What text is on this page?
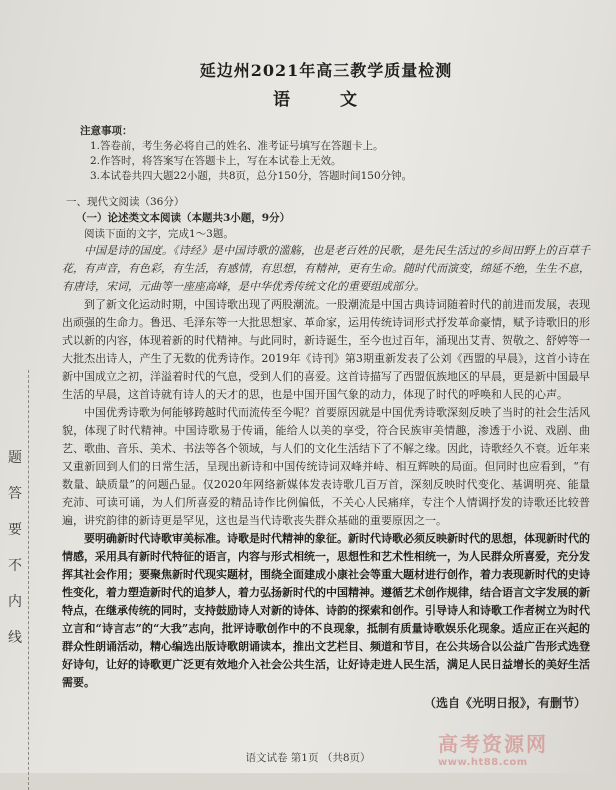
题答要不内线
延边州2021年高三教学质量检测
语 文
注意事项：
1.答卷前，考生务必将自己的姓名、准考证号填写在答题卡上。
2.作答时，将答案写在答题卡上，写在本试卷上无效。
3.本试卷共四大题22小题，共8页，总分150分，答题时间150分钟。
一、现代文阅读（36分）
（一）论述类文本阅读（本题共3小题，9分）
阅读下面的文字，完成1～3题。

中国是诗的国度。《诗经》是中国诗歌的滥觞，也是老百姓的民歌，是先民生活过的乡间田野上的百草千花，有声音，有色彩，有生活，有感情，有思想，有精神，更有生命。随时代而演变，绵延不绝，生生不息，有唐诗，宋词，元曲等一座座高峰，是中华优秀传统文化的重要组成部分。

到了新文化运动时期，中国诗歌出现了两股潮流。一股潮流是中国古典诗词随着时代的前进而发展，表现出顽强的生命力。鲁迅、毛泽东等一大批思想家、革命家，运用传统诗词形式抒发革命豪情，赋予诗歌旧的形式以新的内容，体现着新的时代精神。与此同时，新诗诞生，至今也过百年，涌现出艾青、贺敬之、舒婷等一大批杰出诗人，产生了无数的优秀诗作。2019年《诗刊》第3期重新发表了公刘《西盟的早晨》，这首小诗在新中国成立之初，洋溢着时代的气息，受到人们的喜爱。这首诗描写了西盟佤族地区的早晨，更是新中国最早生活的早晨，这首诗就有诗人的天才的思，也是中国开国气象的动力，体现了时代的呼唤和人民的心声。

中国优秀诗歌为何能够跨越时代而流传至今呢？首要原因就是中国优秀诗歌深刻反映了当时的社会生活风貌，体现了时代精神。中国诗歌易于传诵，能给人以美的享受，符合民族审美情趣，渗透于小说、戏剧、曲艺、歌曲、音乐、美术、书法等各个领域，与人们的文化生活结下了不解之缘。因此，诗歌经久不衰。近年来又重新回到人们的日常生活，呈现出新诗和中国传统诗词双峰并峙、相互辉映的局面。但同时也应看到，“有数量、缺质量”的问题凸显。仅2020年网络新媒体发表诗歌几百万首，深刻反映时代变化、基调明亮、能量充沛、可读可诵，为人们所喜爱的精品诗作比例偏低，不关心人民痛痒，专注个人情调抒发的诗歌还比较普遍，讲究韵律的新诗更是罕见，这也是当代诗歌丧失群众基础的重要原因之一。

要明确新时代诗歌审美标准。诗歌是时代精神的象征。新时代诗歌必须反映新时代的思想，体现新时代的情感，采用具有新时代特征的语言，内容与形式相统一，思想性和艺术性相统一，为人民群众所喜爱，充分发挥其社会作用；要聚焦新时代现实题材，围绕全面建成小康社会等重大题材进行创作，着力表现新时代的史诗性变化，着力塑造新时代的追梦人，着力弘扬新时代的中国精神。遵循艺术创作规律，结合语言文字发展的新特点，在继承传统的同时，支持鼓励诗人对新的诗体、诗韵的探索和创作。引导诗人和诗歌工作者树立为时代立言和“诗言志”的“大我”志向，批评诗歌创作中的不良现象，抵制有质量诗歌娱乐化现象。适应正在兴起的群众性朗诵活动，精心编选出版诗歌朗诵读本，推出文艺栏目、频道和节目，在公共场合以公益广告形式选登好诗句，让好的诗歌更广泛更有效地介入社会公共生活，让好诗走进人民生活，满足人民日益增长的美好生活需要。

（选自《光明日报》，有删节）
语文试卷 第1页 （共8页）
高考资源网
www.ht88.com
